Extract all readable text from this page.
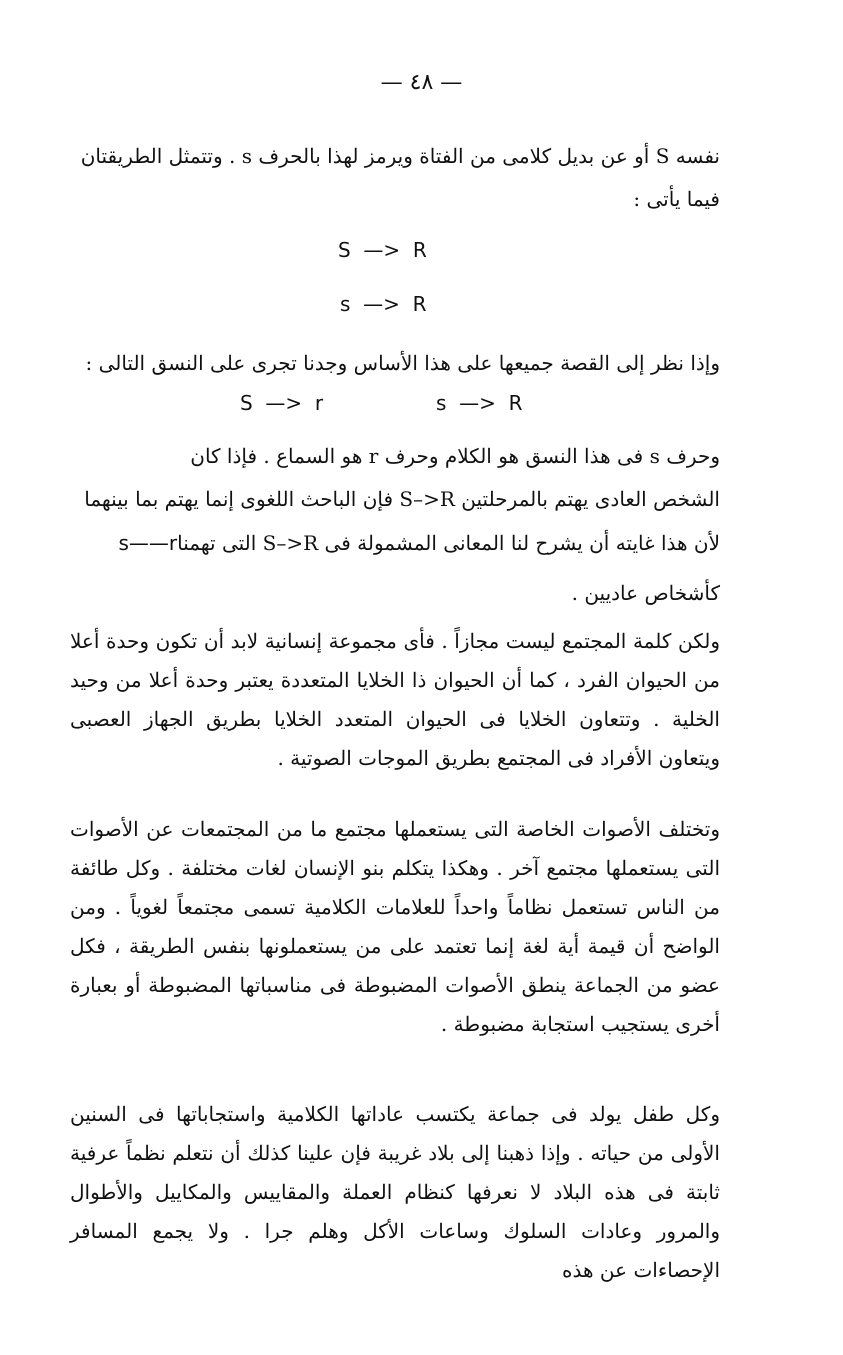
— ٤٨ —

نفسه S أو عن بديل كلامى من الفتاة ويرمز لهذا بالحرف s . وتتمثل الطريقتان

فيما يأتى :

S  —>  R
s  —>  R

وإذا نظر إلى القصة جميعها على هذا الأساس وجدنا تجرى على النسق التالى :

S  —>  r	s  —>  R

وحرف s فى هذا النسق هو الكلام وحرف r هو السماع . فإذا كان

الشخص العادى يهتم بالمرحلتين S–>R فإن الباحث اللغوى إنما يهتم بما بينهما

لأن هذا غايته أن يشرح لنا المعانى المشمولة فى S–>R التى تهمناs——r

كأشخاص عاديين .

ولكن كلمة المجتمع ليست مجازاً . فأى مجموعة إنسانية لابد أن تكون وحدة أعلا من الحيوان الفرد ، كما أن الحيوان ذا الخلايا المتعددة يعتبر وحدة أعلا من وحيد الخلية . وتتعاون الخلايا فى الحيوان المتعدد الخلايا بطريق الجهاز العصبى ويتعاون الأفراد فى المجتمع بطريق الموجات الصوتية .

وتختلف الأصوات الخاصة التى يستعملها مجتمع ما من المجتمعات عن الأصوات التى يستعملها مجتمع آخر . وهكذا يتكلم بنو الإنسان لغات مختلفة . وكل طائفة من الناس تستعمل نظاماً واحداً للعلامات الكلامية تسمى مجتمعاً لغوياً . ومن الواضح أن قيمة أية لغة إنما تعتمد على من يستعملونها بنفس الطريقة ، فكل عضو من الجماعة ينطق الأصوات المضبوطة فى مناسباتها المضبوطة أو بعبارة أخرى يستجيب استجابة مضبوطة .

وكل طفل يولد فى جماعة يكتسب عاداتها الكلامية واستجاباتها فى السنين الأولى من حياته . وإذا ذهبنا إلى بلاد غريبة فإن علينا كذلك أن نتعلم نظماً عرفية ثابتة فى هذه البلاد لا نعرفها كنظام العملة والمقاييس والمكاييل والأطوال والمرور وعادات السلوك وساعات الأكل وهلم جرا . ولا يجمع المسافر الإحصاءات عن هذه
